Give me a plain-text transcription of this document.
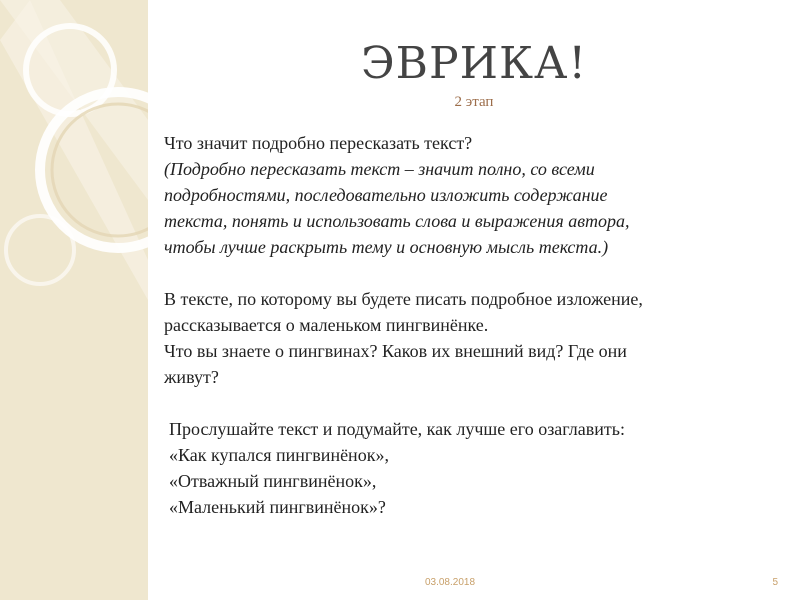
ЭВРИКА!
2 этап

Что значит подробно пересказать текст?

(Подробно пересказать текст – значит полно, со всеми

подробностями, последовательно изложить содержание

текста, понять и использовать слова и выражения автора,

чтобы лучше раскрыть тему и основную мысль текста.)

В тексте, по которому вы будете писать подробное изложение,

рассказывается о маленьком пингвинёнке.

Что вы знаете о пингвинах? Каков их внешний вид? Где они

живут?

Прослушайте текст и подумайте, как лучше его озаглавить:

«Как купался пингвинёнок»,

«Отважный пингвинёнок»,

«Маленький пингвинёнок»?

03.08.2018	5
